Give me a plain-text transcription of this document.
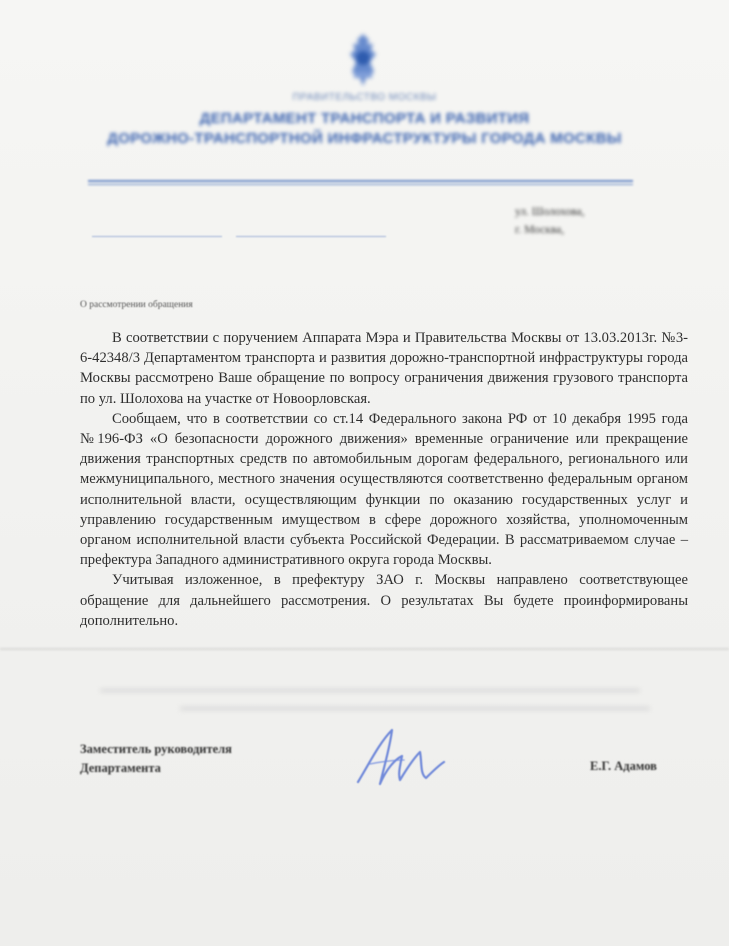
ПРАВИТЕЛЬСТВО МОСКВЫ
ДЕПАРТАМЕНТ ТРАНСПОРТА И РАЗВИТИЯ
ДОРОЖНО-ТРАНСПОРТНОЙ ИНФРАСТРУКТУРЫ ГОРОДА МОСКВЫ
ул. Шолохова,
г. Москва,
О рассмотрении обращения

В соответствии с поручением Аппарата Мэра и Правительства Москвы от 13.03.2013г. №3-6-42348/3 Департаментом транспорта и развития дорожно-транспортной инфраструктуры города Москвы рассмотрено Ваше обращение по вопросу ограничения движения грузового транспорта по ул. Шолохова на участке от Новоорловская.

Сообщаем, что в соответствии со ст.14 Федерального закона РФ от 10 декабря 1995 года №196-ФЗ «О безопасности дорожного движения» временные ограничение или прекращение движения транспортных средств по автомобильным дорогам федерального, регионального или межмуниципального, местного значения осуществляются соответственно федеральным органом исполнительной власти, осуществляющим функции по оказанию государственных услуг и управлению государственным имуществом в сфере дорожного хозяйства, уполномоченным органом исполнительной власти субъекта Российской Федерации. В рассматриваемом случае – префектура Западного административного округа города Москвы.

Учитывая изложенное, в префектуру ЗАО г. Москвы направлено соответствующее обращение для дальнейшего рассмотрения. О результатах Вы будете проинформированы дополнительно.

Заместитель руководителя
Департамента	Е.Г. Адамов
